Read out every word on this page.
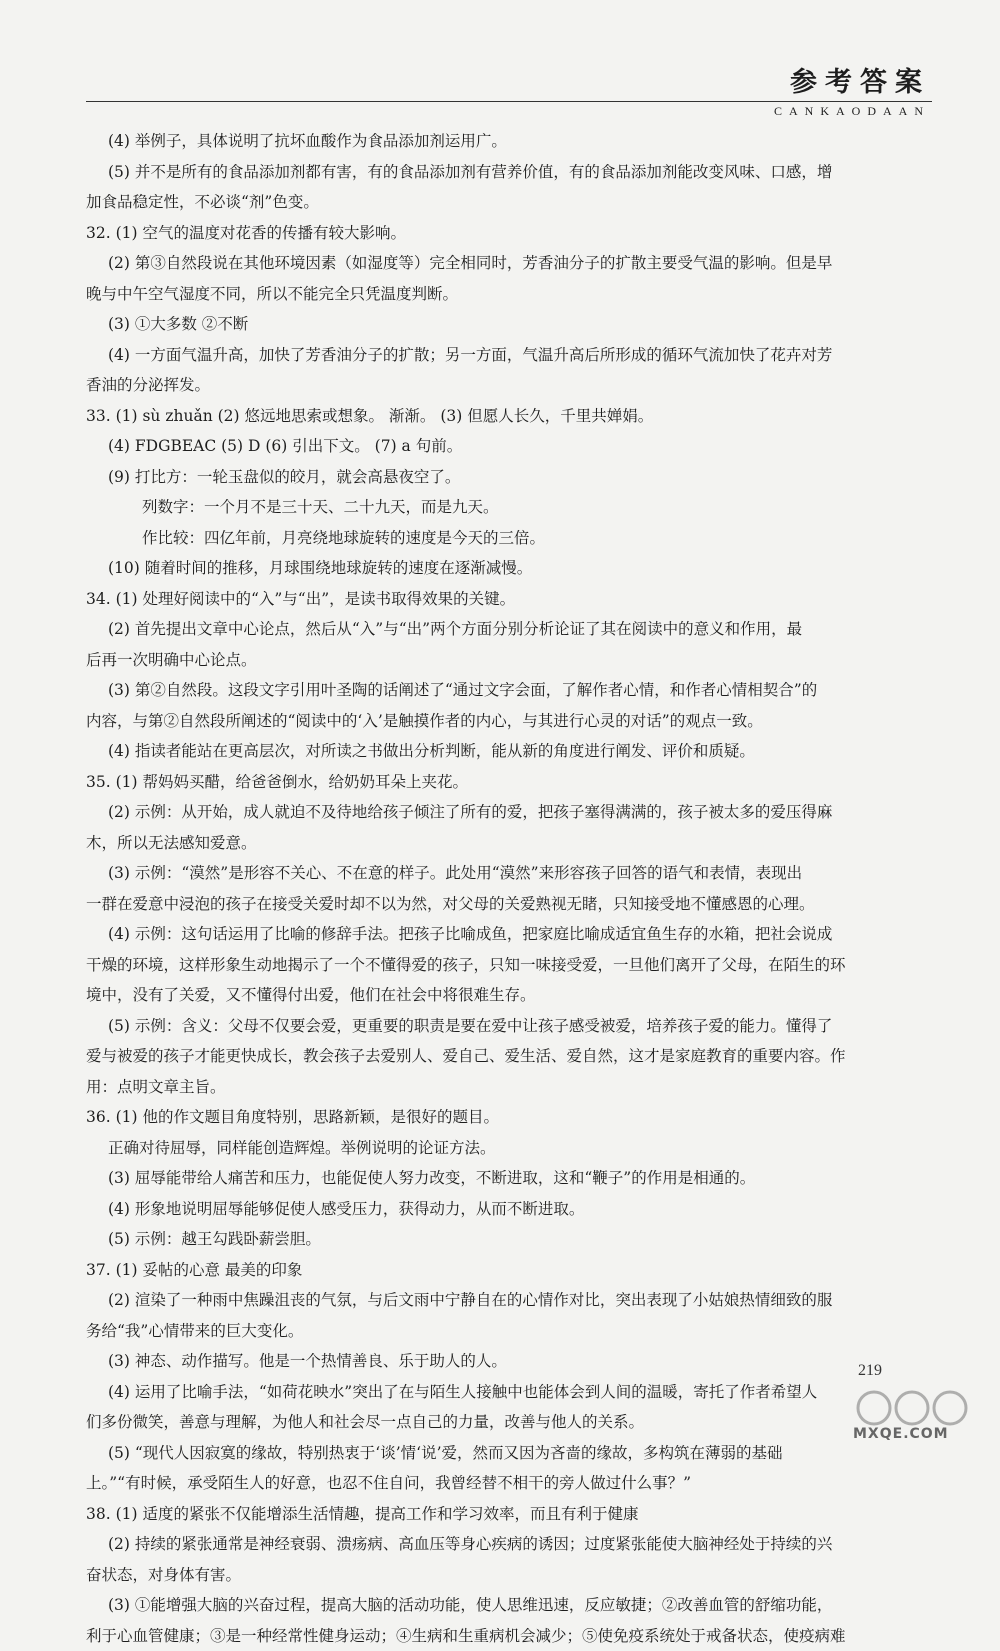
参考答案
CANKAODAAN
(4) 举例子，具体说明了抗坏血酸作为食品添加剂运用广。
(5) 并不是所有的食品添加剂都有害，有的食品添加剂有营养价值，有的食品添加剂能改变风味、口感，增
加食品稳定性，不必谈“剂”色变。
32. (1) 空气的温度对花香的传播有较大影响。
(2) 第③自然段说在其他环境因素（如湿度等）完全相同时，芳香油分子的扩散主要受气温的影响。但是早
晚与中午空气湿度不同，所以不能完全只凭温度判断。
(3) ①大多数 ②不断
(4) 一方面气温升高，加快了芳香油分子的扩散；另一方面，气温升高后所形成的循环气流加快了花卉对芳
香油的分泌挥发。
33. (1) sù zhuǎn (2) 悠远地思索或想象。 渐渐。 (3) 但愿人长久，千里共婵娟。
(4) FDGBEAC (5) D (6) 引出下文。 (7) a 句前。
(9) 打比方：一轮玉盘似的皎月，就会高悬夜空了。
列数字：一个月不是三十天、二十九天，而是九天。
作比较：四亿年前，月亮绕地球旋转的速度是今天的三倍。
(10) 随着时间的推移，月球围绕地球旋转的速度在逐渐减慢。
34. (1) 处理好阅读中的“入”与“出”，是读书取得效果的关键。
(2) 首先提出文章中心论点，然后从“入”与“出”两个方面分别分析论证了其在阅读中的意义和作用，最
后再一次明确中心论点。
(3) 第②自然段。这段文字引用叶圣陶的话阐述了“通过文字会面，了解作者心情，和作者心情相契合”的
内容，与第②自然段所阐述的“阅读中的‘入’是触摸作者的内心，与其进行心灵的对话”的观点一致。
(4) 指读者能站在更高层次，对所读之书做出分析判断，能从新的角度进行阐发、评价和质疑。
35. (1) 帮妈妈买醋，给爸爸倒水，给奶奶耳朵上夹花。
(2) 示例：从开始，成人就迫不及待地给孩子倾注了所有的爱，把孩子塞得满满的，孩子被太多的爱压得麻
木，所以无法感知爱意。
(3) 示例：“漠然”是形容不关心、不在意的样子。此处用“漠然”来形容孩子回答的语气和表情，表现出
一群在爱意中浸泡的孩子在接受关爱时却不以为然，对父母的关爱熟视无睹，只知接受地不懂感恩的心理。
(4) 示例：这句话运用了比喻的修辞手法。把孩子比喻成鱼，把家庭比喻成适宜鱼生存的水箱，把社会说成
干燥的环境，这样形象生动地揭示了一个不懂得爱的孩子，只知一味接受爱，一旦他们离开了父母，在陌生的环
境中，没有了关爱，又不懂得付出爱，他们在社会中将很难生存。
(5) 示例：含义：父母不仅要会爱，更重要的职责是要在爱中让孩子感受被爱，培养孩子爱的能力。懂得了
爱与被爱的孩子才能更快成长，教会孩子去爱别人、爱自己、爱生活、爱自然，这才是家庭教育的重要内容。作
用：点明文章主旨。
36. (1) 他的作文题目角度特别，思路新颖，是很好的题目。
正确对待屈辱，同样能创造辉煌。举例说明的论证方法。
(3) 屈辱能带给人痛苦和压力，也能促使人努力改变，不断进取，这和“鞭子”的作用是相通的。
(4) 形象地说明屈辱能够促使人感受压力，获得动力，从而不断进取。
(5) 示例：越王勾践卧薪尝胆。
37. (1) 妥帖的心意 最美的印象
(2) 渲染了一种雨中焦躁沮丧的气氛，与后文雨中宁静自在的心情作对比，突出表现了小姑娘热情细致的服
务给“我”心情带来的巨大变化。
(3) 神态、动作描写。他是一个热情善良、乐于助人的人。
(4) 运用了比喻手法，“如荷花映水”突出了在与陌生人接触中也能体会到人间的温暖，寄托了作者希望人
们多份微笑，善意与理解，为他人和社会尽一点自己的力量，改善与他人的关系。
(5) “现代人因寂寞的缘故，特别热衷于‘谈’情‘说’爱，然而又因为吝啬的缘故，多构筑在薄弱的基础
上。”“有时候，承受陌生人的好意，也忍不住自问，我曾经替不相干的旁人做过什么事？”
38. (1) 适度的紧张不仅能增添生活情趣，提高工作和学习效率，而且有利于健康
(2) 持续的紧张通常是神经衰弱、溃疡病、高血压等身心疾病的诱因；过度紧张能使大脑神经处于持续的兴
奋状态，对身体有害。
(3) ①能增强大脑的兴奋过程，提高大脑的活动功能，使人思维迅速，反应敏捷；②改善血管的舒缩功能，
利于心血管健康；③是一种经常性健身运动；④生病和生重病机会减少；⑤使免疫系统处于戒备状态，使疫病难
219
MXQE.COM
